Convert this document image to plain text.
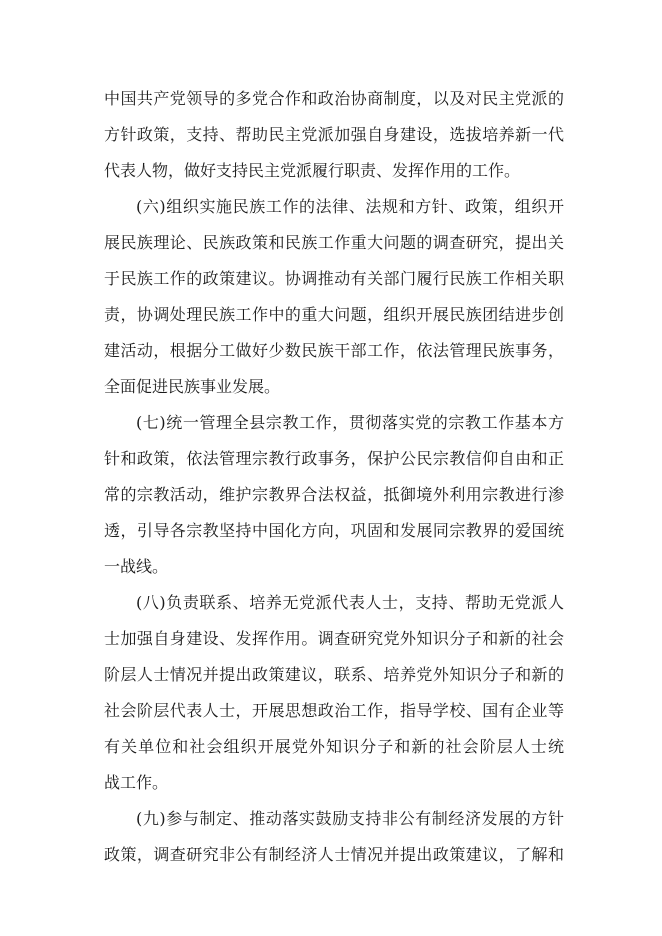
中国共产党领导的多党合作和政治协商制度，以及对民主党派的

方针政策，支持、帮助民主党派加强自身建设，选拔培养新一代

代表人物，做好支持民主党派履行职责、发挥作用的工作。

(六)组织实施民族工作的法律、法规和方针、政策，组织开

展民族理论、民族政策和民族工作重大问题的调查研究，提出关

于民族工作的政策建议。协调推动有关部门履行民族工作相关职

责，协调处理民族工作中的重大问题，组织开展民族团结进步创

建活动，根据分工做好少数民族干部工作，依法管理民族事务，

全面促进民族事业发展。

(七)统一管理全县宗教工作，贯彻落实党的宗教工作基本方

针和政策，依法管理宗教行政事务，保护公民宗教信仰自由和正

常的宗教活动，维护宗教界合法权益，抵御境外利用宗教进行渗

透，引导各宗教坚持中国化方向，巩固和发展同宗教界的爱国统

一战线。

(八)负责联系、培养无党派代表人士，支持、帮助无党派人

士加强自身建设、发挥作用。调查研究党外知识分子和新的社会

阶层人士情况并提出政策建议，联系、培养党外知识分子和新的

社会阶层代表人士，开展思想政治工作，指导学校、国有企业等

有关单位和社会组织开展党外知识分子和新的社会阶层人士统

战工作。

(九)参与制定、推动落实鼓励支持非公有制经济发展的方针

政策，调查研究非公有制经济人士情况并提出政策建议，了解和
